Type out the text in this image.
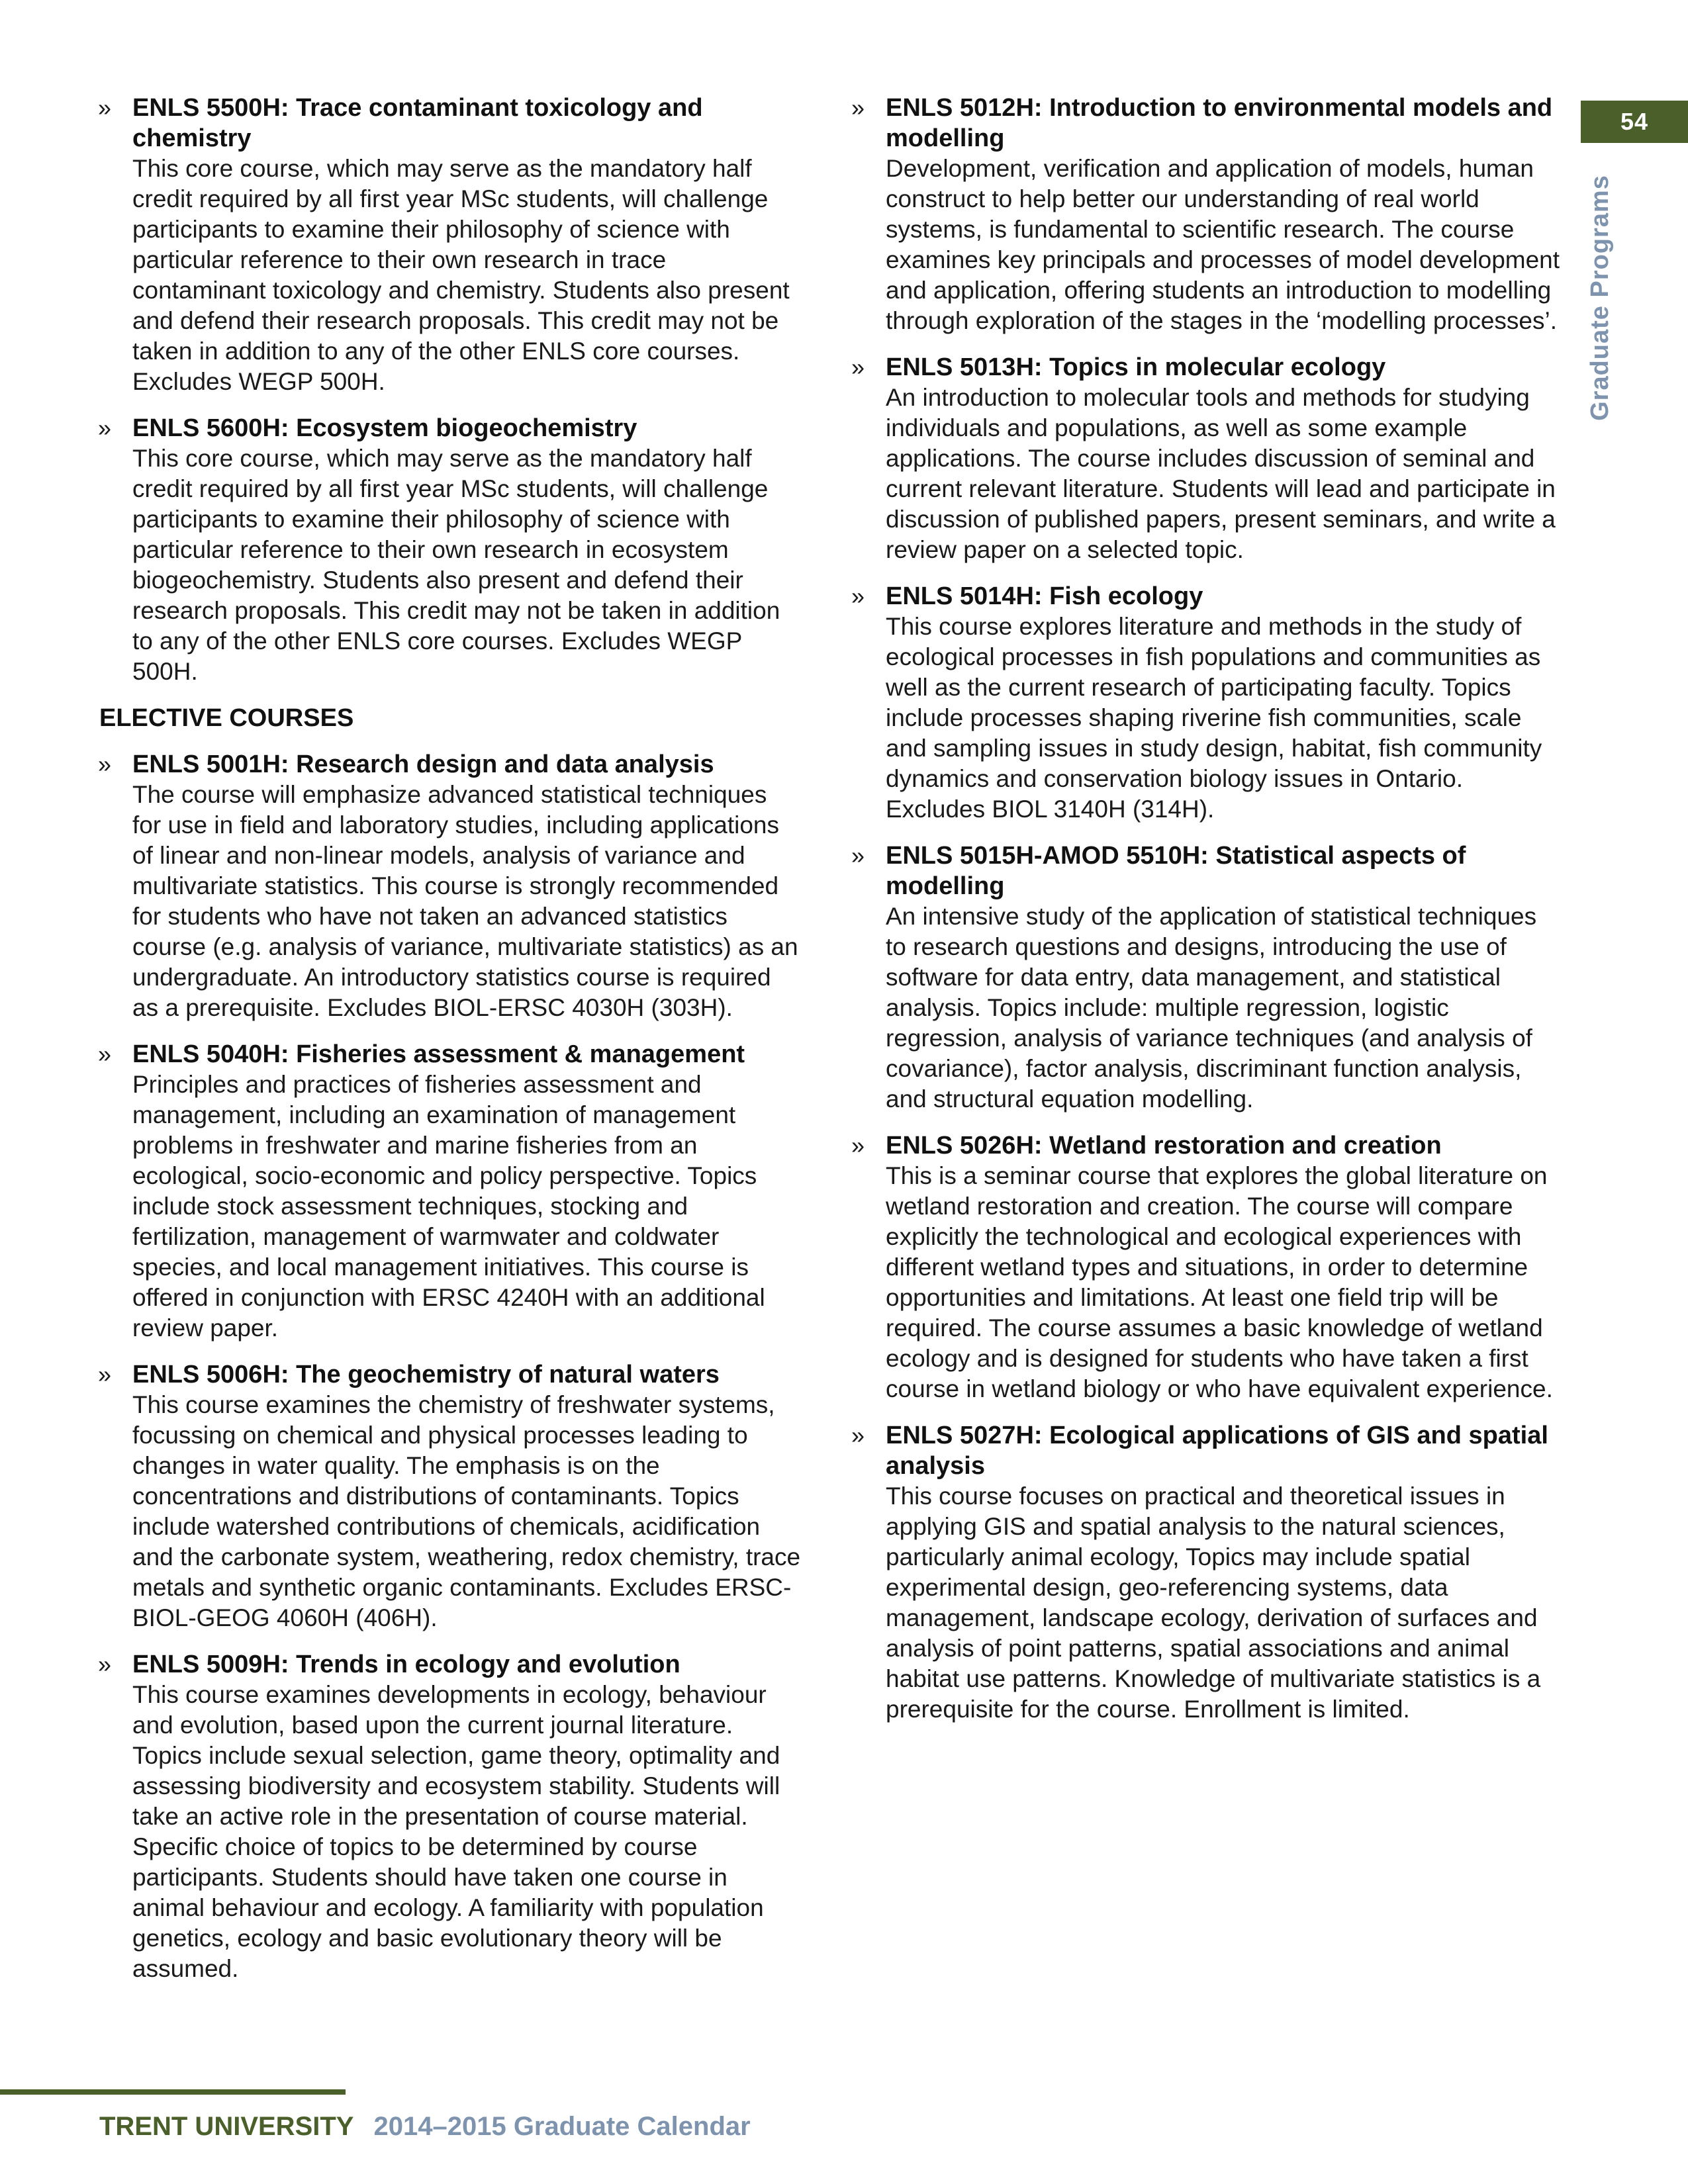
54
Graduate Programs
» ENLS 5500H: Trace contaminant toxicology and chemistry

This core course, which may serve as the mandatory half credit required by all first year MSc students, will challenge participants to examine their philosophy of science with particular reference to their own research in trace contaminant toxicology and chemistry. Students also present and defend their research proposals. This credit may not be taken in addition to any of the other ENLS core courses. Excludes WEGP 500H.

» ENLS 5600H: Ecosystem biogeochemistry

This core course, which may serve as the mandatory half credit required by all first year MSc students, will challenge participants to examine their philosophy of science with particular reference to their own research in ecosystem biogeochemistry. Students also present and defend their research proposals. This credit may not be taken in addition to any of the other ENLS core courses. Excludes WEGP 500H.

ELECTIVE COURSES
» ENLS 5001H: Research design and data analysis

The course will emphasize advanced statistical techniques for use in field and laboratory studies, including applications of linear and non-linear models, analysis of variance and multivariate statistics. This course is strongly recommended for students who have not taken an advanced statistics course (e.g. analysis of variance, multivariate statistics) as an undergraduate. An introductory statistics course is required as a prerequisite. Excludes BIOL-ERSC 4030H (303H).

» ENLS 5040H: Fisheries assessment & management

Principles and practices of fisheries assessment and management, including an examination of management problems in freshwater and marine fisheries from an ecological, socio-economic and policy perspective. Topics include stock assessment techniques, stocking and fertilization, management of warmwater and coldwater species, and local management initiatives. This course is offered in conjunction with ERSC 4240H with an additional review paper.

» ENLS 5006H: The geochemistry of natural waters

This course examines the chemistry of freshwater systems, focussing on chemical and physical processes leading to changes in water quality. The emphasis is on the concentrations and distributions of contaminants. Topics include watershed contributions of chemicals, acidification and the carbonate system, weathering, redox chemistry, trace metals and synthetic organic contaminants. Excludes ERSC-BIOL-GEOG 4060H (406H).

» ENLS 5009H: Trends in ecology and evolution

This course examines developments in ecology, behaviour and evolution, based upon the current journal literature. Topics include sexual selection, game theory, optimality and assessing biodiversity and ecosystem stability. Students will take an active role in the presentation of course material. Specific choice of topics to be determined by course participants. Students should have taken one course in animal behaviour and ecology. A familiarity with population genetics, ecology and basic evolutionary theory will be assumed.

» ENLS 5012H: Introduction to environmental models and modelling

Development, verification and application of models, human construct to help better our understanding of real world systems, is fundamental to scientific research. The course examines key principals and processes of model development and application, offering students an introduction to modelling through exploration of the stages in the ‘modelling processes’.

» ENLS 5013H: Topics in molecular ecology

An introduction to molecular tools and methods for studying individuals and populations, as well as some example applications. The course includes discussion of seminal and current relevant literature. Students will lead and participate in discussion of published papers, present seminars, and write a review paper on a selected topic.

» ENLS 5014H: Fish ecology

This course explores literature and methods in the study of ecological processes in fish populations and communities as well as the current research of participating faculty. Topics include processes shaping riverine fish communities, scale and sampling issues in study design, habitat, fish community dynamics and conservation biology issues in Ontario. Excludes BIOL 3140H (314H).

» ENLS 5015H-AMOD 5510H: Statistical aspects of modelling

An intensive study of the application of statistical techniques to research questions and designs, introducing the use of software for data entry, data management, and statistical analysis. Topics include: multiple regression, logistic regression, analysis of variance techniques (and analysis of covariance), factor analysis, discriminant function analysis, and structural equation modelling.

» ENLS 5026H: Wetland restoration and creation

This is a seminar course that explores the global literature on wetland restoration and creation. The course will compare explicitly the technological and ecological experiences with different wetland types and situations, in order to determine opportunities and limitations. At least one field trip will be required. The course assumes a basic knowledge of wetland ecology and is designed for students who have taken a first course in wetland biology or who have equivalent experience.

» ENLS 5027H: Ecological applications of GIS and spatial analysis

This course focuses on practical and theoretical issues in applying GIS and spatial analysis to the natural sciences, particularly animal ecology, Topics may include spatial experimental design, geo-referencing systems, data management, landscape ecology, derivation of surfaces and analysis of point patterns, spatial associations and animal habitat use patterns. Knowledge of multivariate statistics is a prerequisite for the course. Enrollment is limited.

TRENT UNIVERSITY 2014–2015 Graduate Calendar
